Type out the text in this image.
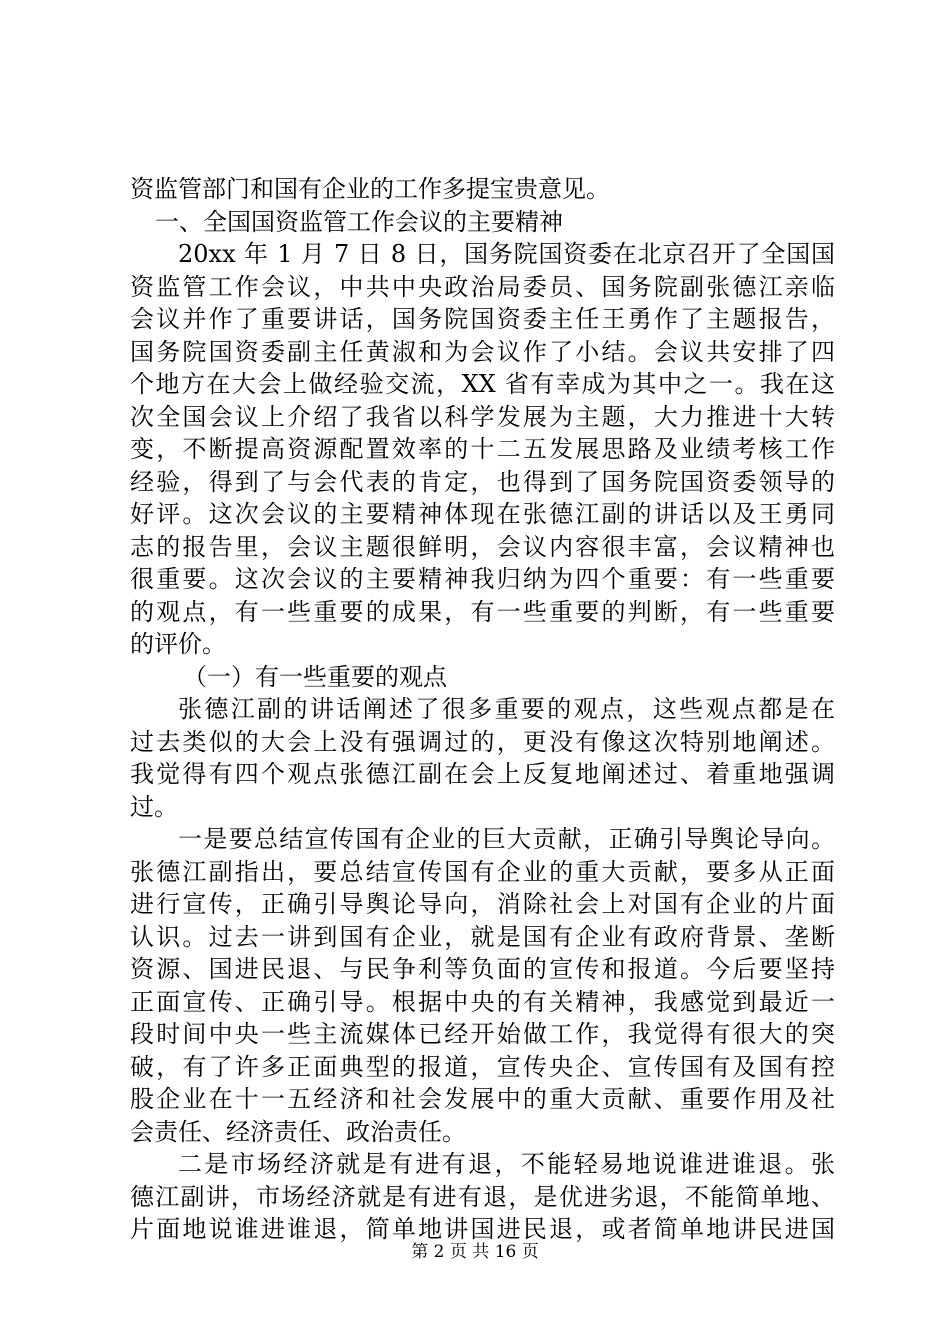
资监管部门和国有企业的工作多提宝贵意见。
一、全国国资监管工作会议的主要精神
20xx 年 1 月 7 日 8 日，国务院国资委在北京召开了全国国
资监管工作会议，中共中央政治局委员、国务院副张德江亲临
会议并作了重要讲话，国务院国资委主任王勇作了主题报告，
国务院国资委副主任黄淑和为会议作了小结。会议共安排了四
个地方在大会上做经验交流，XX 省有幸成为其中之一。我在这
次全国会议上介绍了我省以科学发展为主题，大力推进十大转
变，不断提高资源配置效率的十二五发展思路及业绩考核工作
经验，得到了与会代表的肯定，也得到了国务院国资委领导的
好评。这次会议的主要精神体现在张德江副的讲话以及王勇同
志的报告里，会议主题很鲜明，会议内容很丰富，会议精神也
很重要。这次会议的主要精神我归纳为四个重要：有一些重要
的观点，有一些重要的成果，有一些重要的判断，有一些重要
的评价。
（一）有一些重要的观点
张德江副的讲话阐述了很多重要的观点，这些观点都是在
过去类似的大会上没有强调过的，更没有像这次特别地阐述。
我觉得有四个观点张德江副在会上反复地阐述过、着重地强调
过。
一是要总结宣传国有企业的巨大贡献，正确引导舆论导向。
张德江副指出，要总结宣传国有企业的重大贡献，要多从正面
进行宣传，正确引导舆论导向，消除社会上对国有企业的片面
认识。过去一讲到国有企业，就是国有企业有政府背景、垄断
资源、国进民退、与民争利等负面的宣传和报道。今后要坚持
正面宣传、正确引导。根据中央的有关精神，我感觉到最近一
段时间中央一些主流媒体已经开始做工作，我觉得有很大的突
破，有了许多正面典型的报道，宣传央企、宣传国有及国有控
股企业在十一五经济和社会发展中的重大贡献、重要作用及社
会责任、经济责任、政治责任。
二是市场经济就是有进有退，不能轻易地说谁进谁退。张
德江副讲，市场经济就是有进有退，是优进劣退，不能简单地、
片面地说谁进谁退，简单地讲国进民退，或者简单地讲民进国
第 2 页 共 16 页
